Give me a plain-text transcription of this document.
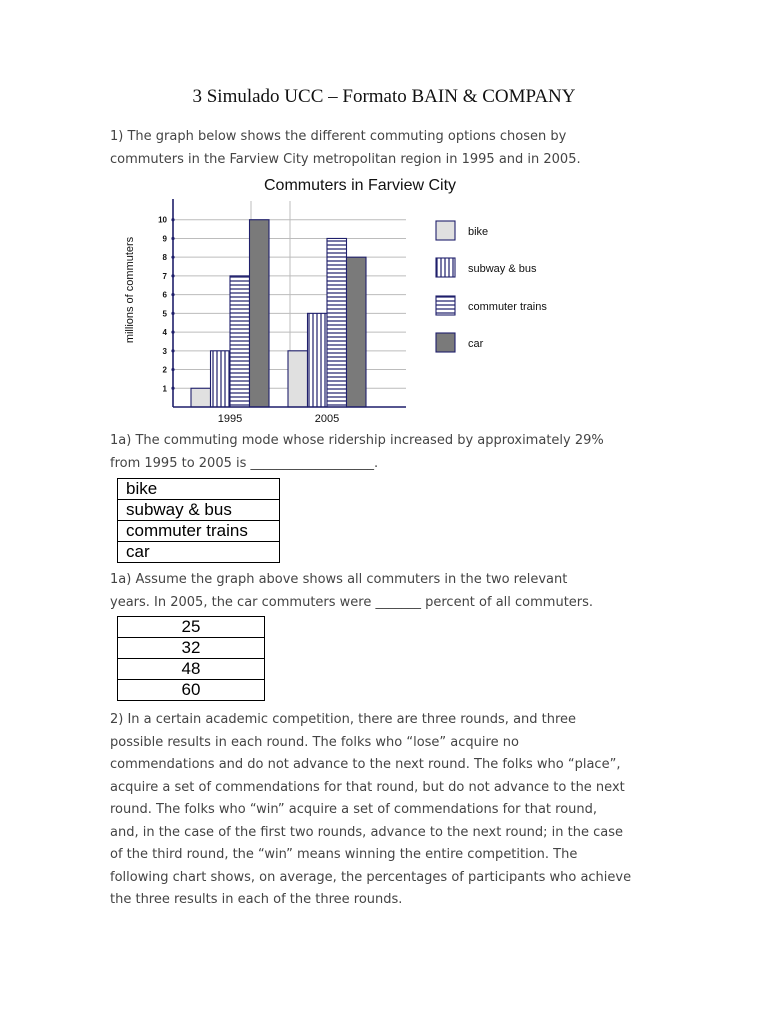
3 Simulado UCC – Formato BAIN & COMPANY
1) The graph below shows the different commuting options chosen by
commuters in the Farview City metropolitan region in 1995 and in 2005.
Commuters in Farview City
millions of commuters
1
2
3
4
5
6
7
8
9
10
1995	2005
bike
subway & bus
commuter trains
car
1a) The commuting mode whose ridership increased by approximately 29%
from 1995 to 2005 is ___________________.
bike
subway & bus
commuter trains
car
1a) Assume the graph above shows all commuters in the two relevant
years. In 2005, the car commuters were _______ percent of all commuters.
25
32
48
60
2) In a certain academic competition, there are three rounds, and three
possible results in each round. The folks who “lose” acquire no
commendations and do not advance to the next round. The folks who “place”,
acquire a set of commendations for that round, but do not advance to the next
round. The folks who “win” acquire a set of commendations for that round,
and, in the case of the first two rounds, advance to the next round; in the case
of the third round, the “win” means winning the entire competition. The
following chart shows, on average, the percentages of participants who achieve
the three results in each of the three rounds.
